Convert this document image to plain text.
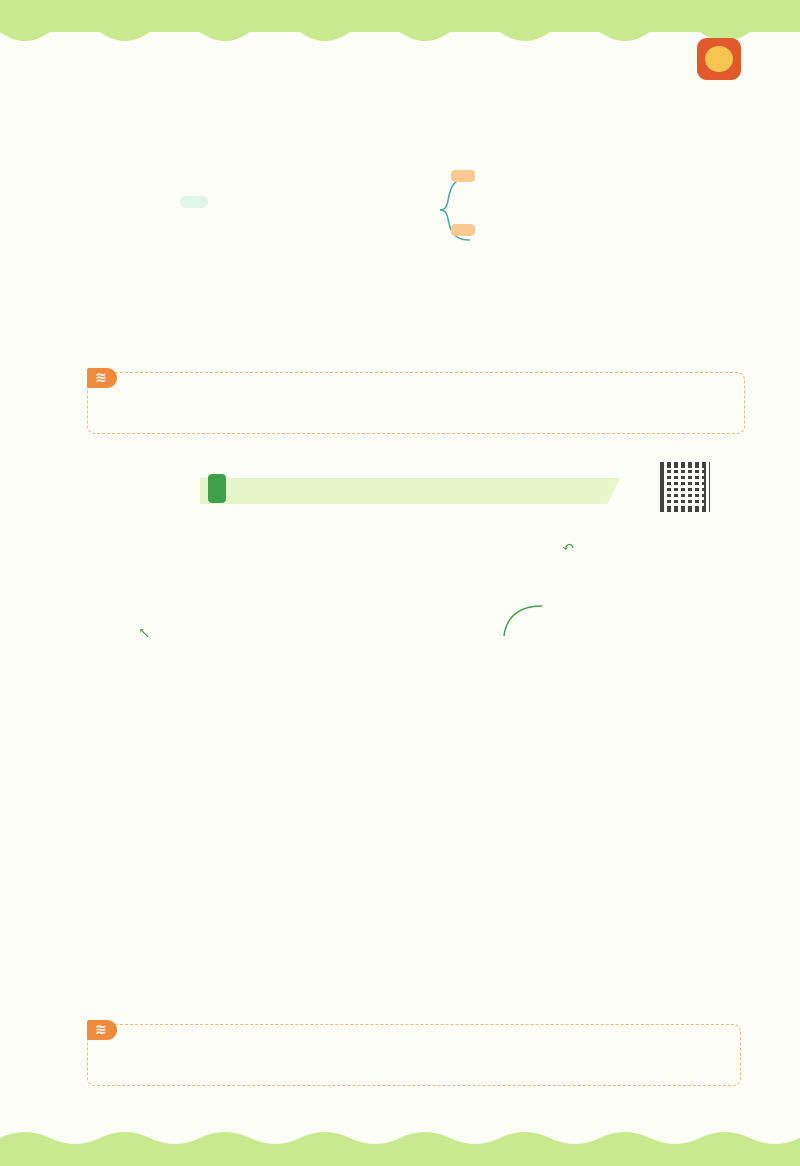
≋
↶

↖
≋
